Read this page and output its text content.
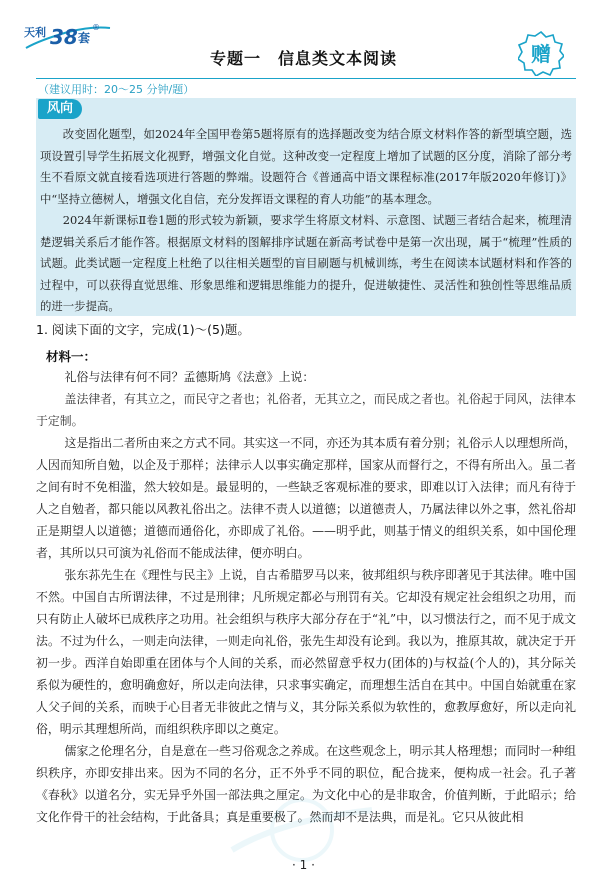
天利 38 套
®
专题一　信息类文本阅读	赠
（建议用时：20～25 分钟/题）
风向

改变固化题型，如2024年全国甲卷第5题将原有的选择题改变为结合原文材料作答的新型填空题，选项设置引导学生拓展文化视野，增强文化自觉。这种改变一定程度上增加了试题的区分度，消除了部分考生不看原文就直接看选项进行答题的弊端。设题符合《普通高中语文课程标准(2017年版2020年修订)》中“坚持立德树人，增强文化自信，充分发挥语文课程的育人功能”的基本理念。

2024年新课标Ⅱ卷1题的形式较为新颖，要求学生将原文材料、示意图、试题三者结合起来，梳理清楚逻辑关系后才能作答。根据原文材料的图解排序试题在新高考试卷中是第一次出现，属于“梳理”性质的试题。此类试题一定程度上杜绝了以往相关题型的盲目刷题与机械训练，考生在阅读本试题材料和作答的过程中，可以获得直觉思维、形象思维和逻辑思维能力的提升，促进敏捷性、灵活性和独创性等思维品质的进一步提高。

1. 阅读下面的文字，完成(1)～(5)题。
材料一：

礼俗与法律有何不同？孟德斯鸠《法意》上说：

盖法律者，有其立之，而民守之者也；礼俗者，无其立之，而民成之者也。礼俗起于同风，法律本于定制。

这是指出二者所由来之方式不同。其实这一不同，亦还为其本质有着分别；礼俗示人以理想所尚，人因而知所自勉，以企及于那样；法律示人以事实确定那样，国家从而督行之，不得有所出入。虽二者之间有时不免相滥，然大较如是。最显明的，一些缺乏客观标准的要求，即难以订入法律；而凡有待于人之自勉者，都只能以风教礼俗出之。法律不责人以道德；以道德责人，乃属法律以外之事，然礼俗却正是期望人以道德；道德而通俗化，亦即成了礼俗。——明乎此，则基于情义的组织关系，如中国伦理者，其所以只可演为礼俗而不能成法律，便亦明白。

张东荪先生在《理性与民主》上说，自古希腊罗马以来，彼邦组织与秩序即著见于其法律。唯中国不然。中国自古所谓法律，不过是刑律；凡所规定都必与刑罚有关。它却没有规定社会组织之功用，而只有防止人破坏已成秩序之功用。社会组织与秩序大部分存在于“礼”中，以习惯法行之，而不见于成文法。不过为什么，一则走向法律，一则走向礼俗，张先生却没有论到。我以为，推原其故，就决定于开初一步。西洋自始即重在团体与个人间的关系，而必然留意乎权力(团体的)与权益(个人的)，其分际关系似为硬性的，愈明确愈好，所以走向法律，只求事实确定，而理想生活自在其中。中国自始就重在家人父子间的关系，而映于心目者无非彼此之情与义，其分际关系似为软性的，愈教厚愈好，所以走向礼俗，明示其理想所尚，而组织秩序即以之奠定。

儒家之伦理名分，自是意在一些习俗观念之养成。在这些观念上，明示其人格理想；而同时一种组织秩序，亦即安排出来。因为不同的名分，正不外乎不同的职位，配合拢来，便构成一社会。孔子著《春秋》以道名分，实无异乎外国一部法典之厘定。为文化中心的是非取舍，价值判断，于此昭示；给文化作骨干的社会结构，于此备具；真是重要极了。然而却不是法典，而是礼。它只从彼此相

· 1 ·
